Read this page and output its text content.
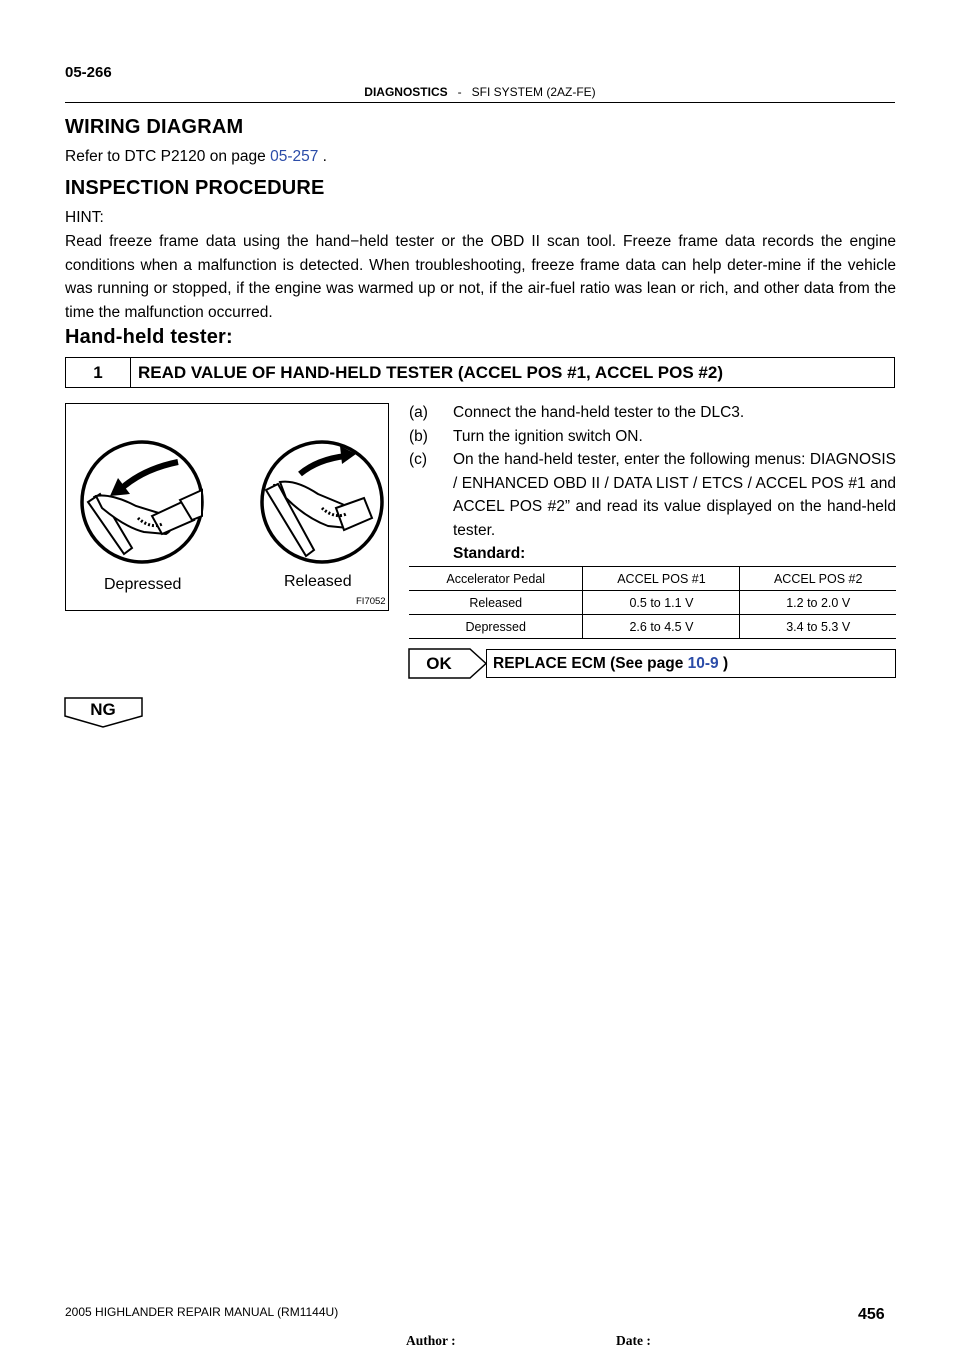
05-266
DIAGNOSTICS - SFI SYSTEM (2AZ-FE)
WIRING DIAGRAM
Refer to DTC P2120 on page 05-257 .
INSPECTION PROCEDURE
HINT:
Read freeze frame data using the hand−held tester or the OBD II scan tool. Freeze frame data records the engine conditions when a malfunction is detected. When troubleshooting, freeze frame data can help deter-mine if the vehicle was running or stopped, if the engine was warmed up or not, if the air-fuel ratio was lean or rich, and other data from the time the malfunction occurred.
Hand-held tester:
1	READ VALUE OF HAND-HELD TESTER (ACCEL POS #1, ACCEL POS #2)
Depressed	Released
FI7052
(a) Connect the hand-held tester to the DLC3.
(b) Turn the ignition switch ON.
(c) On the hand-held tester, enter the following menus: DIAGNOSIS / ENHANCED OBD II / DATA LIST / ETCS / ACCEL POS #1 and ACCEL POS #2” and read its value displayed on the hand-held tester.
Standard:
Accelerator Pedal	ACCEL POS #1	ACCEL POS #2
Released	0.5 to 1.1 V	1.2 to 2.0 V
Depressed	2.6 to 4.5 V	3.4 to 5.3 V
OK	REPLACE ECM (See page 10-9 )
NG
2005 HIGHLANDER REPAIR MANUAL (RM1144U)
Author :	Date :
456
